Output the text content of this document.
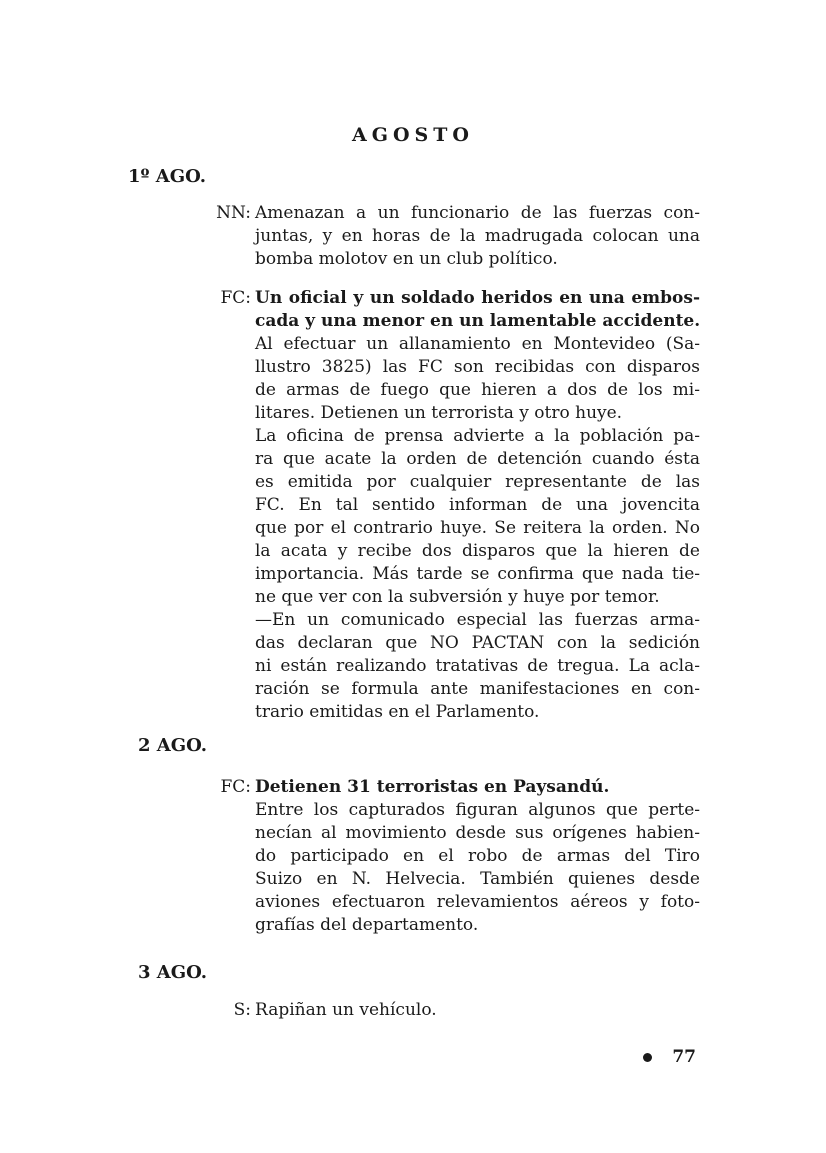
AGOSTO
1º AGO.
NN: Amenazan a un funcionario de las fuerzas con-
juntas, y en horas de la madrugada colocan una
bomba molotov en un club político.
FC: Un oficial y un soldado heridos en una embos-
cada y una menor en un lamentable accidente.
Al efectuar un allanamiento en Montevideo (Sa-
llustro 3825) las FC son recibidas con disparos
de armas de fuego que hieren a dos de los mi-
litares. Detienen un terrorista y otro huye.
La oficina de prensa advierte a la población pa-
ra que acate la orden de detención cuando ésta
es emitida por cualquier representante de las
FC. En tal sentido informan de una jovencita
que por el contrario huye. Se reitera la orden. No
la acata y recibe dos disparos que la hieren de
importancia. Más tarde se confirma que nada tie-
ne que ver con la subversión y huye por temor.
—En un comunicado especial las fuerzas arma-
das declaran que NO PACTAN con la sedición
ni están realizando tratativas de tregua. La acla-
ración se formula ante manifestaciones en con-
trario emitidas en el Parlamento.
2 AGO.
FC: Detienen 31 terroristas en Paysandú.
Entre los capturados figuran algunos que perte-
necían al movimiento desde sus orígenes habien-
do participado en el robo de armas del Tiro
Suizo en N. Helvecia. También quienes desde
aviones efectuaron relevamientos aéreos y foto-
grafías del departamento.
3 AGO.
S: Rapiñan un vehículo.
77
